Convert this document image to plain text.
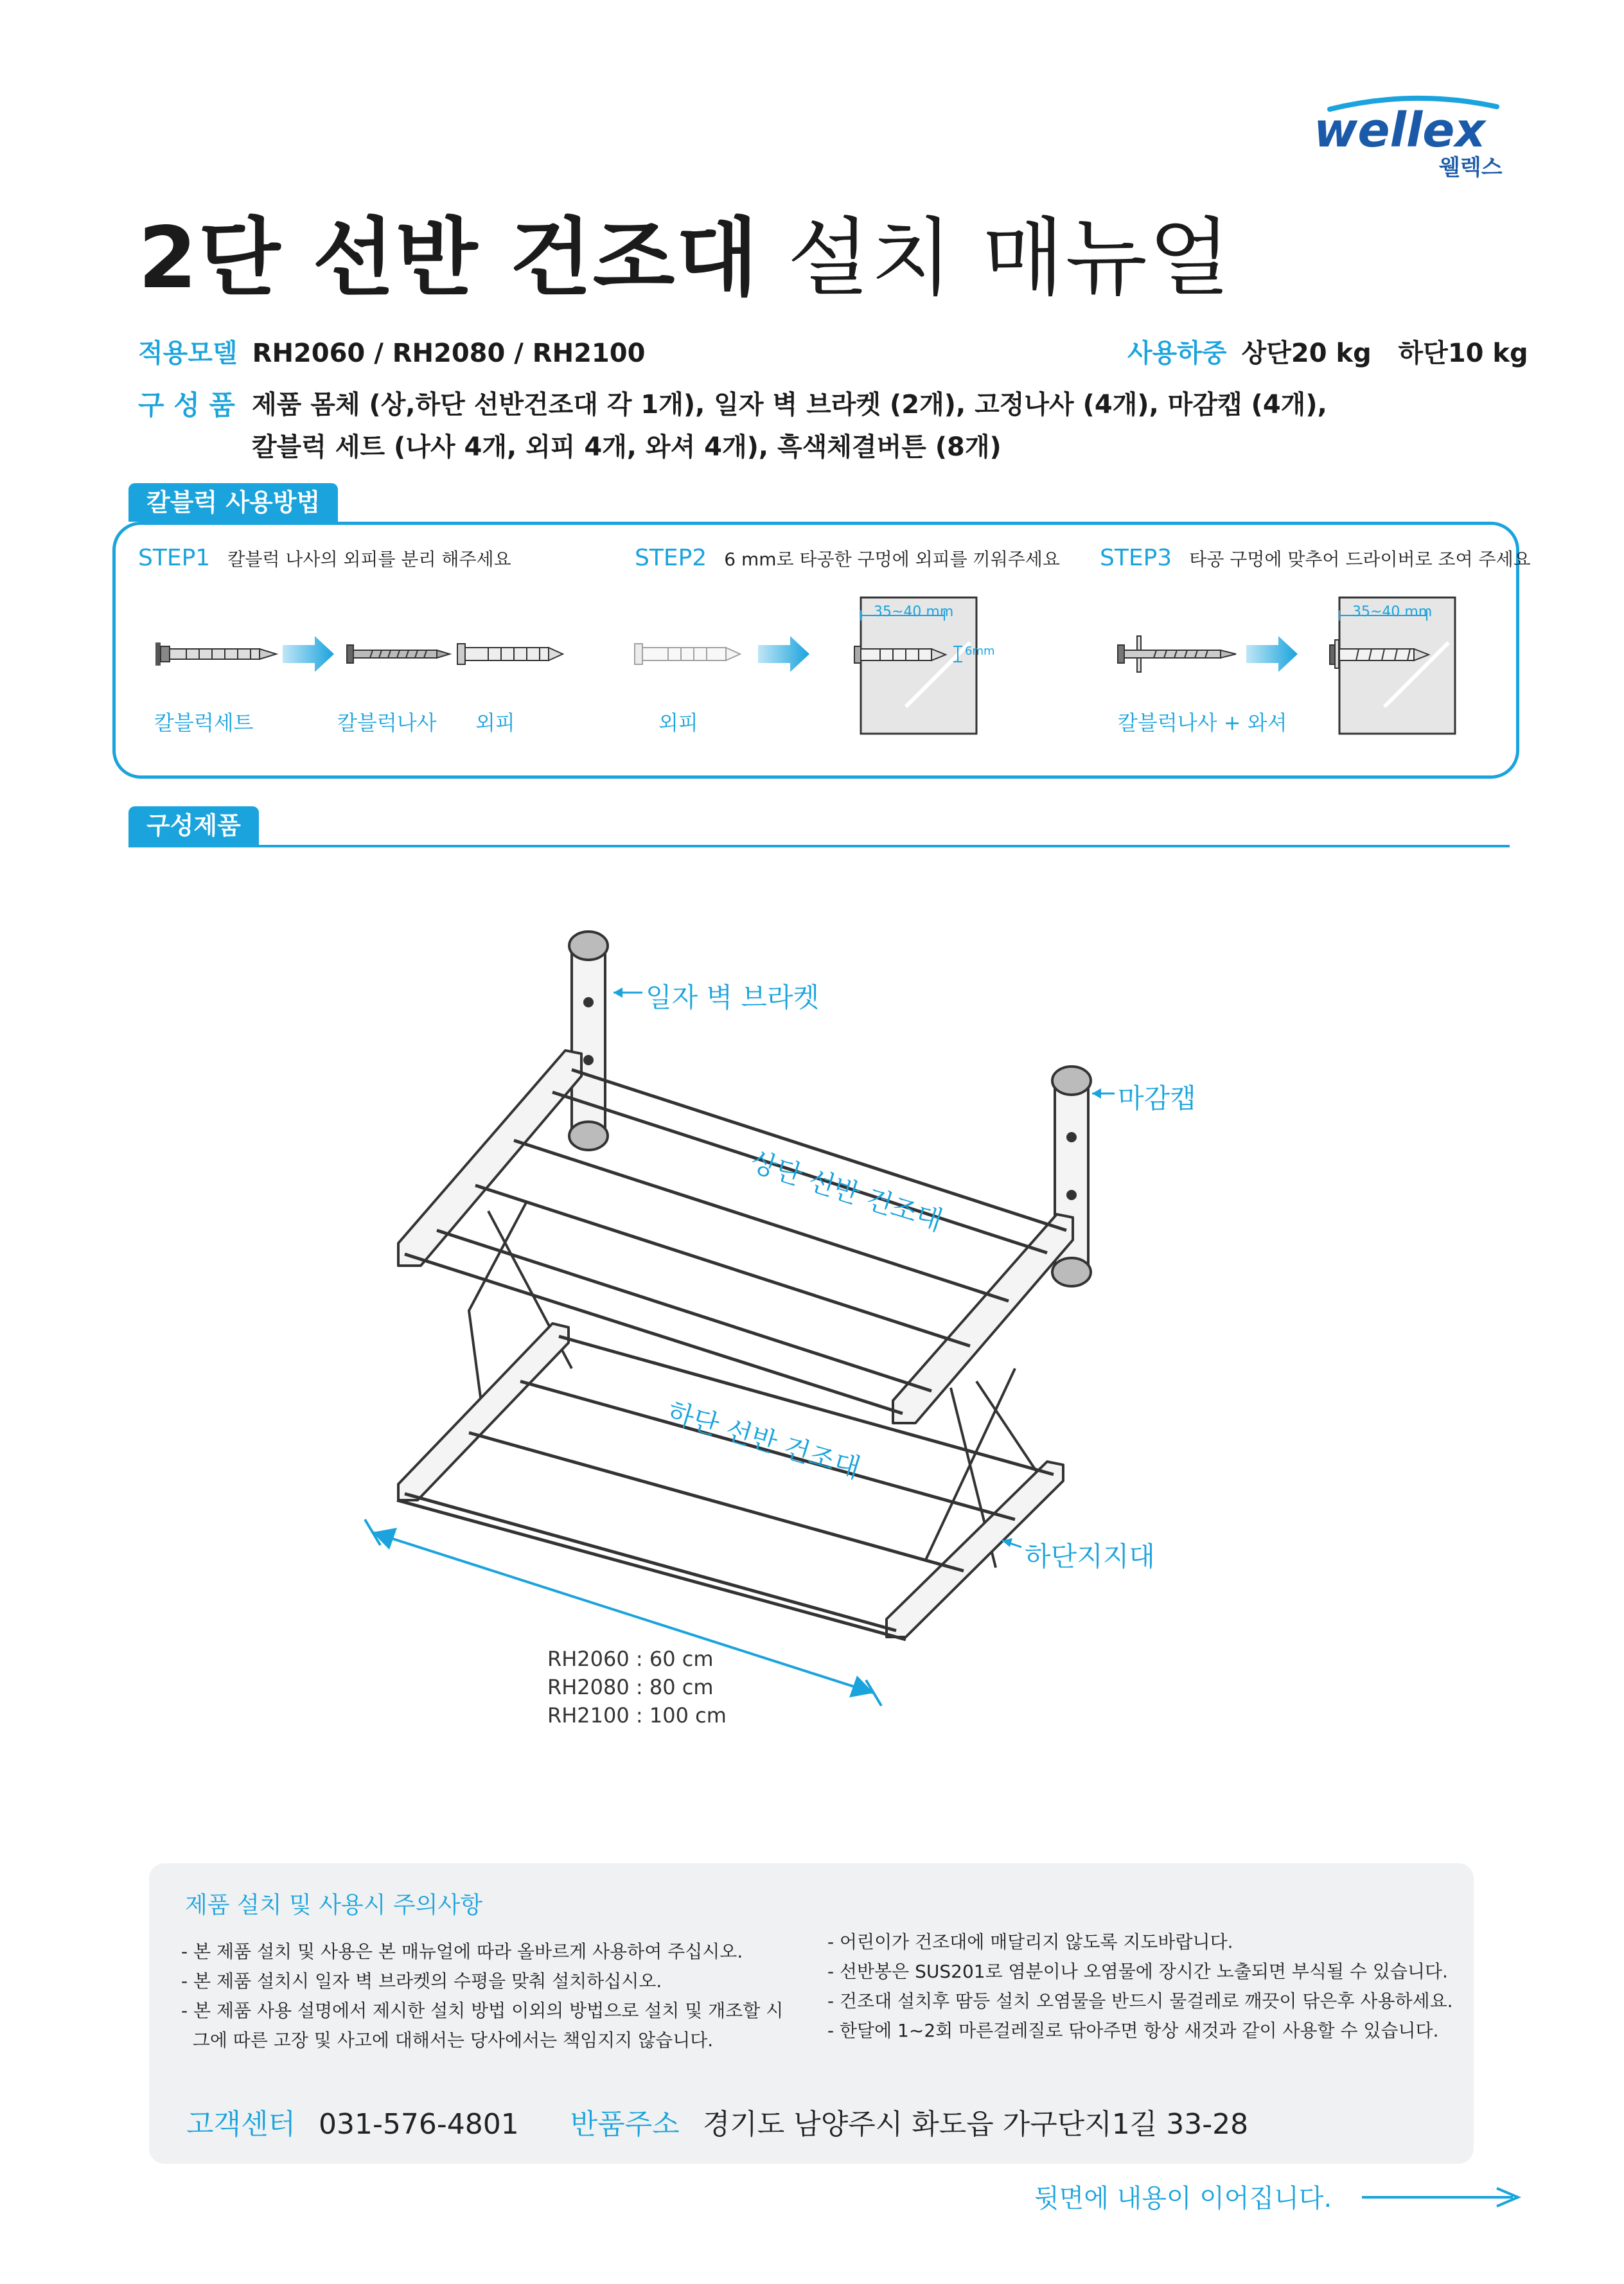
wellex
웰렉스
2단 선반 건조대 설치 매뉴얼
적용모델 RH2060 / RH2080 / RH2100	사용하중 상단20 kg   하단10 kg
구 성 품 제품 몸체 (상,하단 선반건조대 각 1개), 일자 벽 브라켓 (2개), 고정나사 (4개), 마감캡 (4개),
칼블럭 세트 (나사 4개, 외피 4개, 와셔 4개), 흑색체결버튼 (8개)
칼블럭 사용방법
STEP1 칼블럭 나사의 외피를 분리 해주세요	STEP2 6 mm로 타공한 구멍에 외피를 끼워주세요 STEP3 타공 구멍에 맞추어 드라이버로 조여 주세요
35~40 mm
6mm
35~40 mm
칼블럭세트	칼블럭나사 외피	외피	칼블럭나사 + 와셔
구성제품
일자 벽 브라켓
마감캡
상단 선반 건조대
하단 선반 건조대
하단지지대
RH2060 : 60 cm
RH2080 : 80 cm
RH2100 : 100 cm
제품 설치 및 사용시 주의사항
- 본 제품 설치 및 사용은 본 매뉴얼에 따라 올바르게 사용하여 주십시오.
- 본 제품 설치시 일자 벽 브라켓의 수평을 맞춰 설치하십시오.
- 본 제품 사용 설명에서 제시한 설치 방법 이외의 방법으로 설치 및 개조할 시
그에 따른 고장 및 사고에 대해서는 당사에서는 책임지지 않습니다.
- 어린이가 건조대에 매달리지 않도록 지도바랍니다.
- 선반봉은 SUS201로 염분이나 오염물에 장시간 노출되면 부식될 수 있습니다.
- 건조대 설치후 땀등 설치 오염물을 반드시 물걸레로 깨끗이 닦은후 사용하세요.
- 한달에 1~2회 마른걸레질로 닦아주면 항상 새것과 같이 사용할 수 있습니다.
고객센터 031-576-4801 반품주소 경기도 남양주시 화도읍 가구단지1길 33-28
뒷면에 내용이 이어집니다.
